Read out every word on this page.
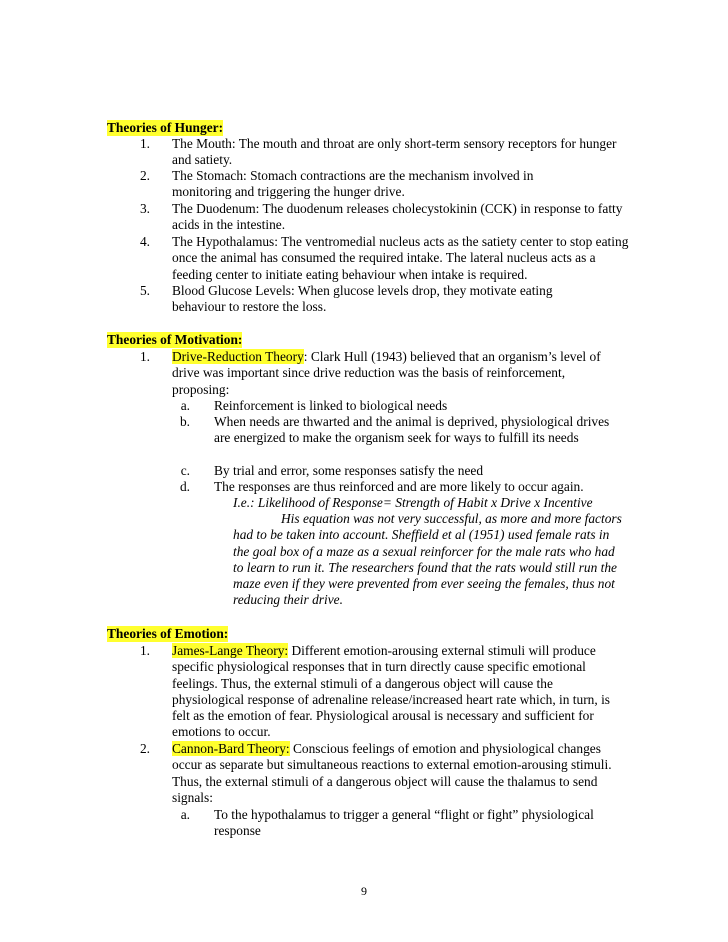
Theories of Hunger:
1. The Mouth: The mouth and throat are only short-term sensory receptors for hunger and satiety.
2. The Stomach: Stomach contractions are the mechanism involved in monitoring and triggering the hunger drive.
3. The Duodenum: The duodenum releases cholecystokinin (CCK) in response to fatty acids in the intestine.
4. The Hypothalamus: The ventromedial nucleus acts as the satiety center to stop eating once the animal has consumed the required intake. The lateral nucleus acts as a feeding center to initiate eating behaviour when intake is required.
5. Blood Glucose Levels: When glucose levels drop, they motivate eating behaviour to restore the loss.
Theories of Motivation:
1. Drive-Reduction Theory: Clark Hull (1943) believed that an organism’s level of drive was important since drive reduction was the basis of reinforcement, proposing:
a. Reinforcement is linked to biological needs
b. When needs are thwarted and the animal is deprived, physiological drives are energized to make the organism seek for ways to fulfill its needs
c. By trial and error, some responses satisfy the need
d. The responses are thus reinforced and are more likely to occur again.
I.e.: Likelihood of Response= Strength of Habit x Drive x Incentive
His equation was not very successful, as more and more factors had to be taken into account. Sheffield et al (1951) used female rats in the goal box of a maze as a sexual reinforcer for the male rats who had to learn to run it. The researchers found that the rats would still run the maze even if they were prevented from ever seeing the females, thus not reducing their drive.
Theories of Emotion:
1. James-Lange Theory: Different emotion-arousing external stimuli will produce specific physiological responses that in turn directly cause specific emotional feelings. Thus, the external stimuli of a dangerous object will cause the physiological response of adrenaline release/increased heart rate which, in turn, is felt as the emotion of fear. Physiological arousal is necessary and sufficient for emotions to occur.
2. Cannon-Bard Theory: Conscious feelings of emotion and physiological changes occur as separate but simultaneous reactions to external emotion-arousing stimuli. Thus, the external stimuli of a dangerous object will cause the thalamus to send signals:
a. To the hypothalamus to trigger a general “flight or fight” physiological response
9
